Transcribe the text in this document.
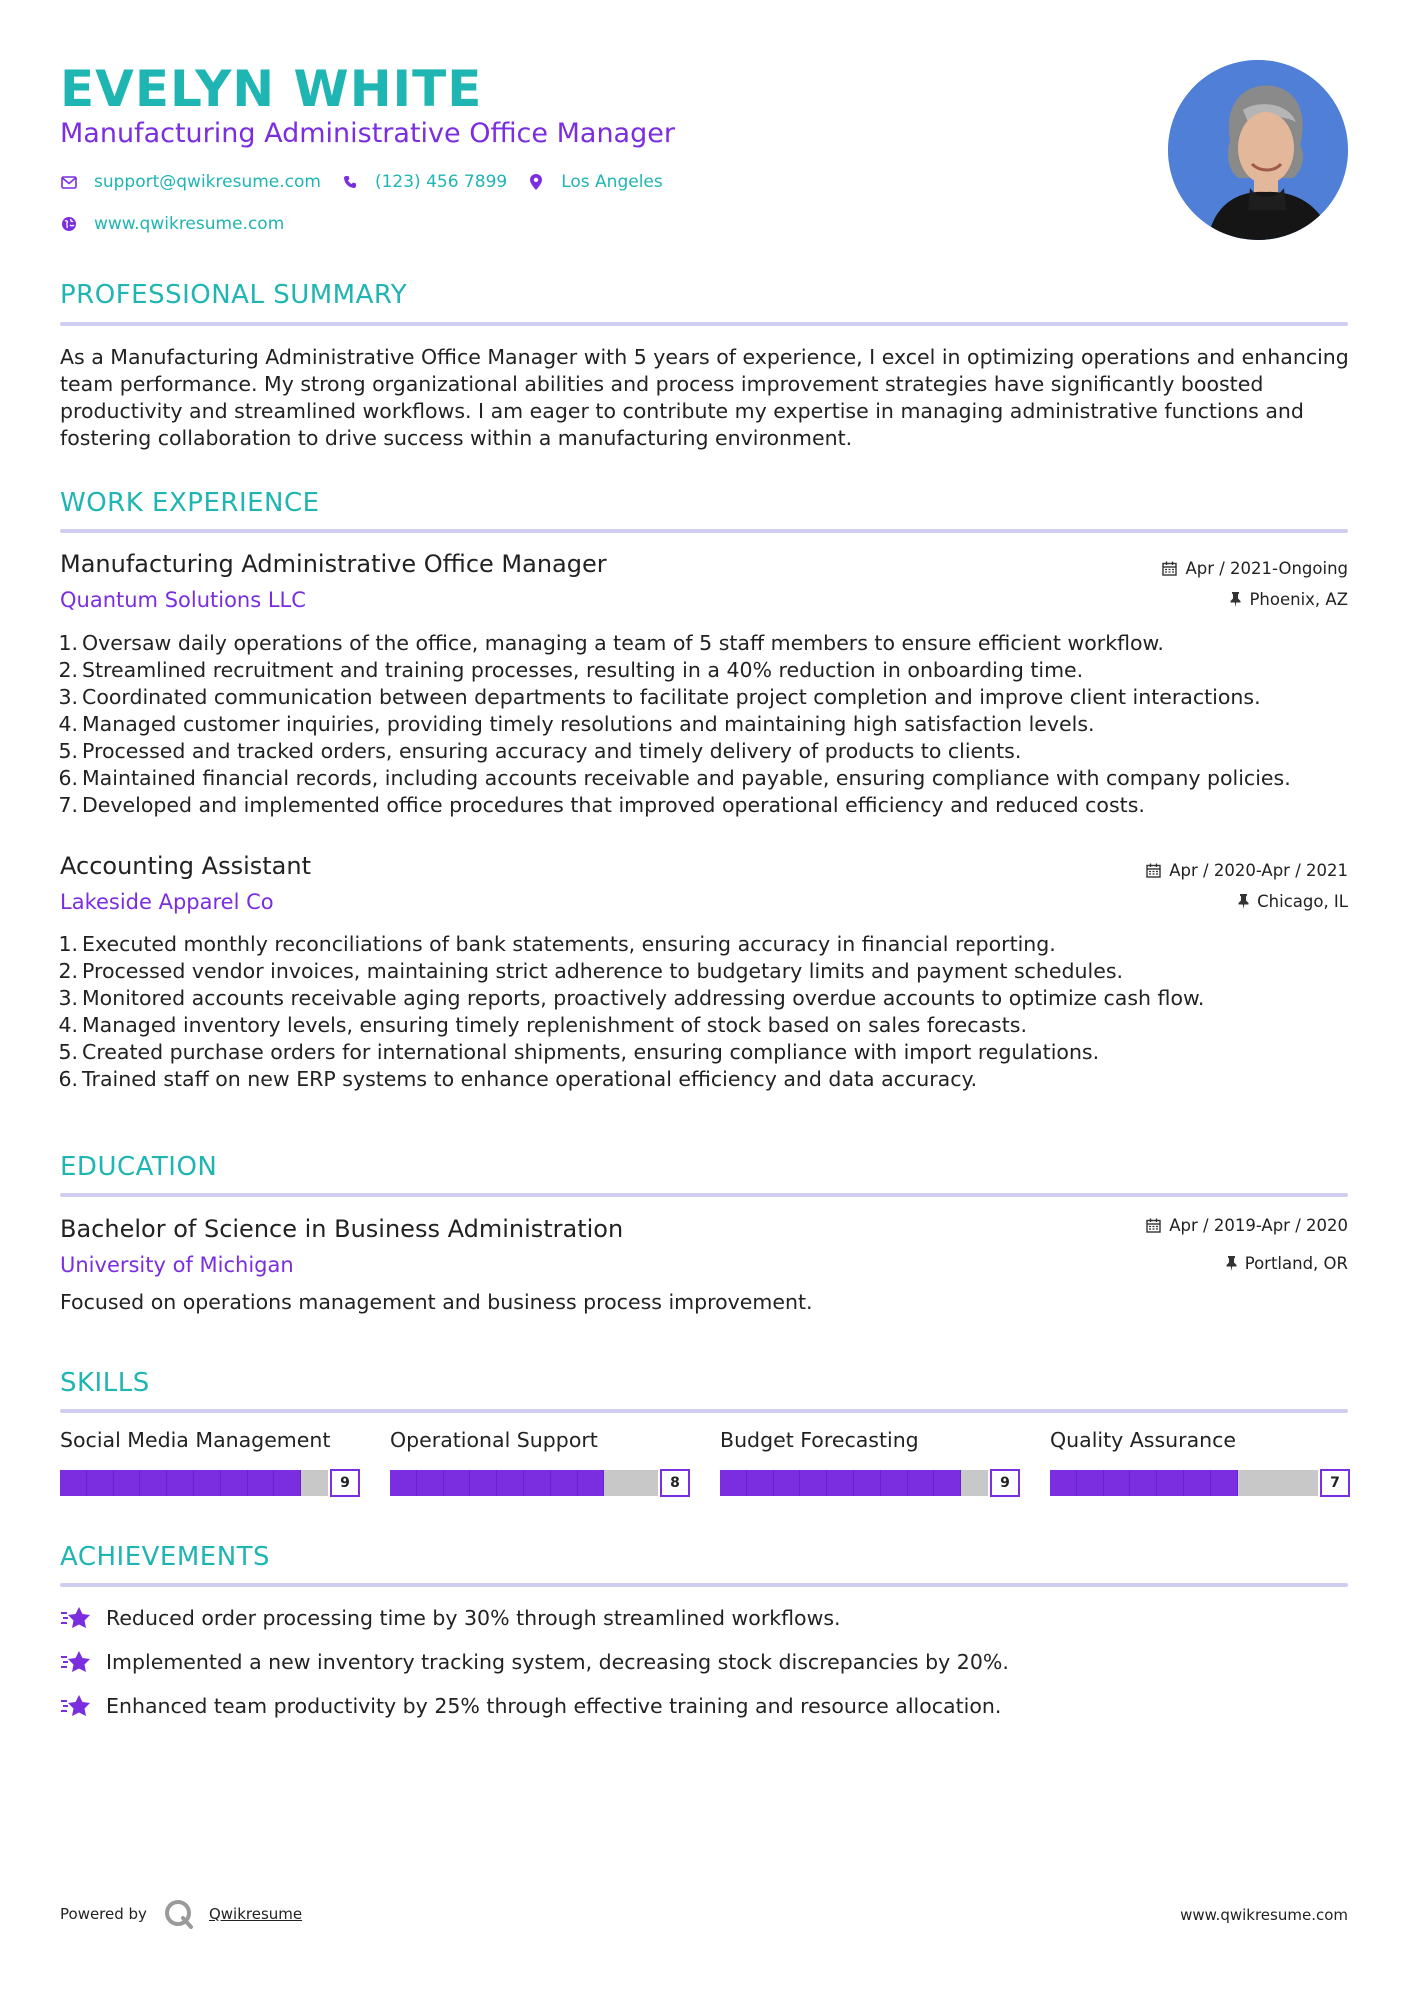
EVELYN WHITE
Manufacturing Administrative Office Manager
support@qwikresume.com	(123) 456 7899	Los Angeles
www.qwikresume.com
PROFESSIONAL SUMMARY
As a Manufacturing Administrative Office Manager with 5 years of experience, I excel in optimizing operations and enhancing team performance. My strong organizational abilities and process improvement strategies have significantly boosted productivity and streamlined workflows. I am eager to contribute my expertise in managing administrative functions and fostering collaboration to drive success within a manufacturing environment.
WORK EXPERIENCE
Manufacturing Administrative Office Manager
Quantum Solutions LLC
Apr / 2021-Ongoing
Phoenix, AZ
1. Oversaw daily operations of the office, managing a team of 5 staff members to ensure efficient workflow.
2. Streamlined recruitment and training processes, resulting in a 40% reduction in onboarding time.
3. Coordinated communication between departments to facilitate project completion and improve client interactions.
4. Managed customer inquiries, providing timely resolutions and maintaining high satisfaction levels.
5. Processed and tracked orders, ensuring accuracy and timely delivery of products to clients.
6. Maintained financial records, including accounts receivable and payable, ensuring compliance with company policies.
7. Developed and implemented office procedures that improved operational efficiency and reduced costs.
Accounting Assistant
Lakeside Apparel Co
Apr / 2020-Apr / 2021
Chicago, IL
1. Executed monthly reconciliations of bank statements, ensuring accuracy in financial reporting.
2. Processed vendor invoices, maintaining strict adherence to budgetary limits and payment schedules.
3. Monitored accounts receivable aging reports, proactively addressing overdue accounts to optimize cash flow.
4. Managed inventory levels, ensuring timely replenishment of stock based on sales forecasts.
5. Created purchase orders for international shipments, ensuring compliance with import regulations.
6. Trained staff on new ERP systems to enhance operational efficiency and data accuracy.
EDUCATION
Bachelor of Science in Business Administration
University of Michigan
Apr / 2019-Apr / 2020
Portland, OR
Focused on operations management and business process improvement.
SKILLS
Social Media Management
9
Operational Support
8
Budget Forecasting
9
Quality Assurance
7
ACHIEVEMENTS
Reduced order processing time by 30% through streamlined workflows.
Implemented a new inventory tracking system, decreasing stock discrepancies by 20%.
Enhanced team productivity by 25% through effective training and resource allocation.
Powered by	Qwikresume	www.qwikresume.com
